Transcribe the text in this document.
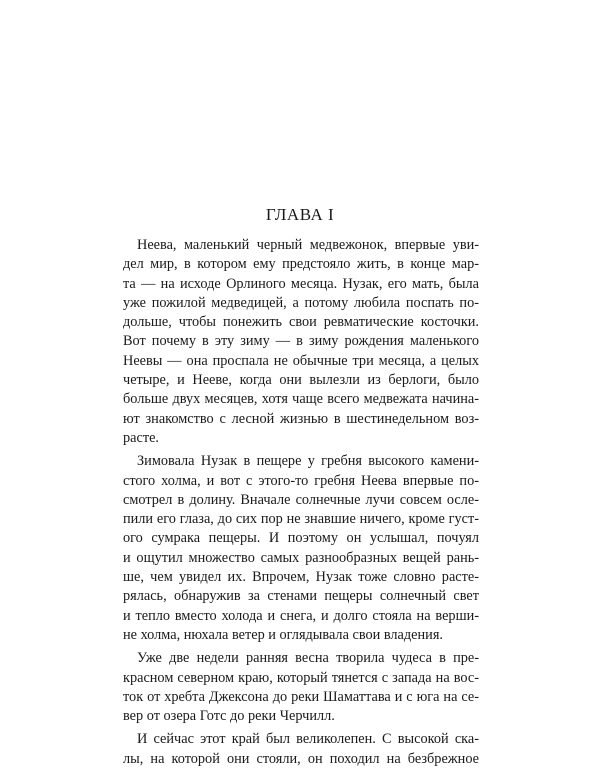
ГЛАВА I
Неева, маленький черный медвежонок, впервые уви-
дел мир, в котором ему предстояло жить, в конце мар-
та — на исходе Орлиного месяца. Нузак, его мать, была
уже пожилой медведицей, а потому любила поспать по-
дольше, чтобы понежить свои ревматические косточки.
Вот почему в эту зиму — в зиму рождения маленького
Неевы — она проспала не обычные три месяца, а целых
четыре, и Нееве, когда они вылезли из берлоги, было
больше двух месяцев, хотя чаще всего медвежата начина-
ют знакомство с лесной жизнью в шестинедельном воз-
расте.
Зимовала Нузак в пещере у гребня высокого камени-
стого холма, и вот с этого-то гребня Неева впервые по-
смотрел в долину. Вначале солнечные лучи совсем осле-
пили его глаза, до сих пор не знавшие ничего, кроме густ-
ого сумрака пещеры. И поэтому он услышал, почуял
и ощутил множество самых разнообразных вещей рань-
ше, чем увидел их. Впрочем, Нузак тоже словно расте-
рялась, обнаружив за стенами пещеры солнечный свет
и тепло вместо холода и снега, и долго стояла на верши-
не холма, нюхала ветер и оглядывала свои владения.
Уже две недели ранняя весна творила чудеса в пре-
красном северном краю, который тянется с запада на вос-
ток от хребта Джексона до реки Шаматтава и с юга на се-
вер от озера Готс до реки Черчилл.
И сейчас этот край был великолепен. С высокой ска-
лы, на которой они стояли, он походил на безбрежное
